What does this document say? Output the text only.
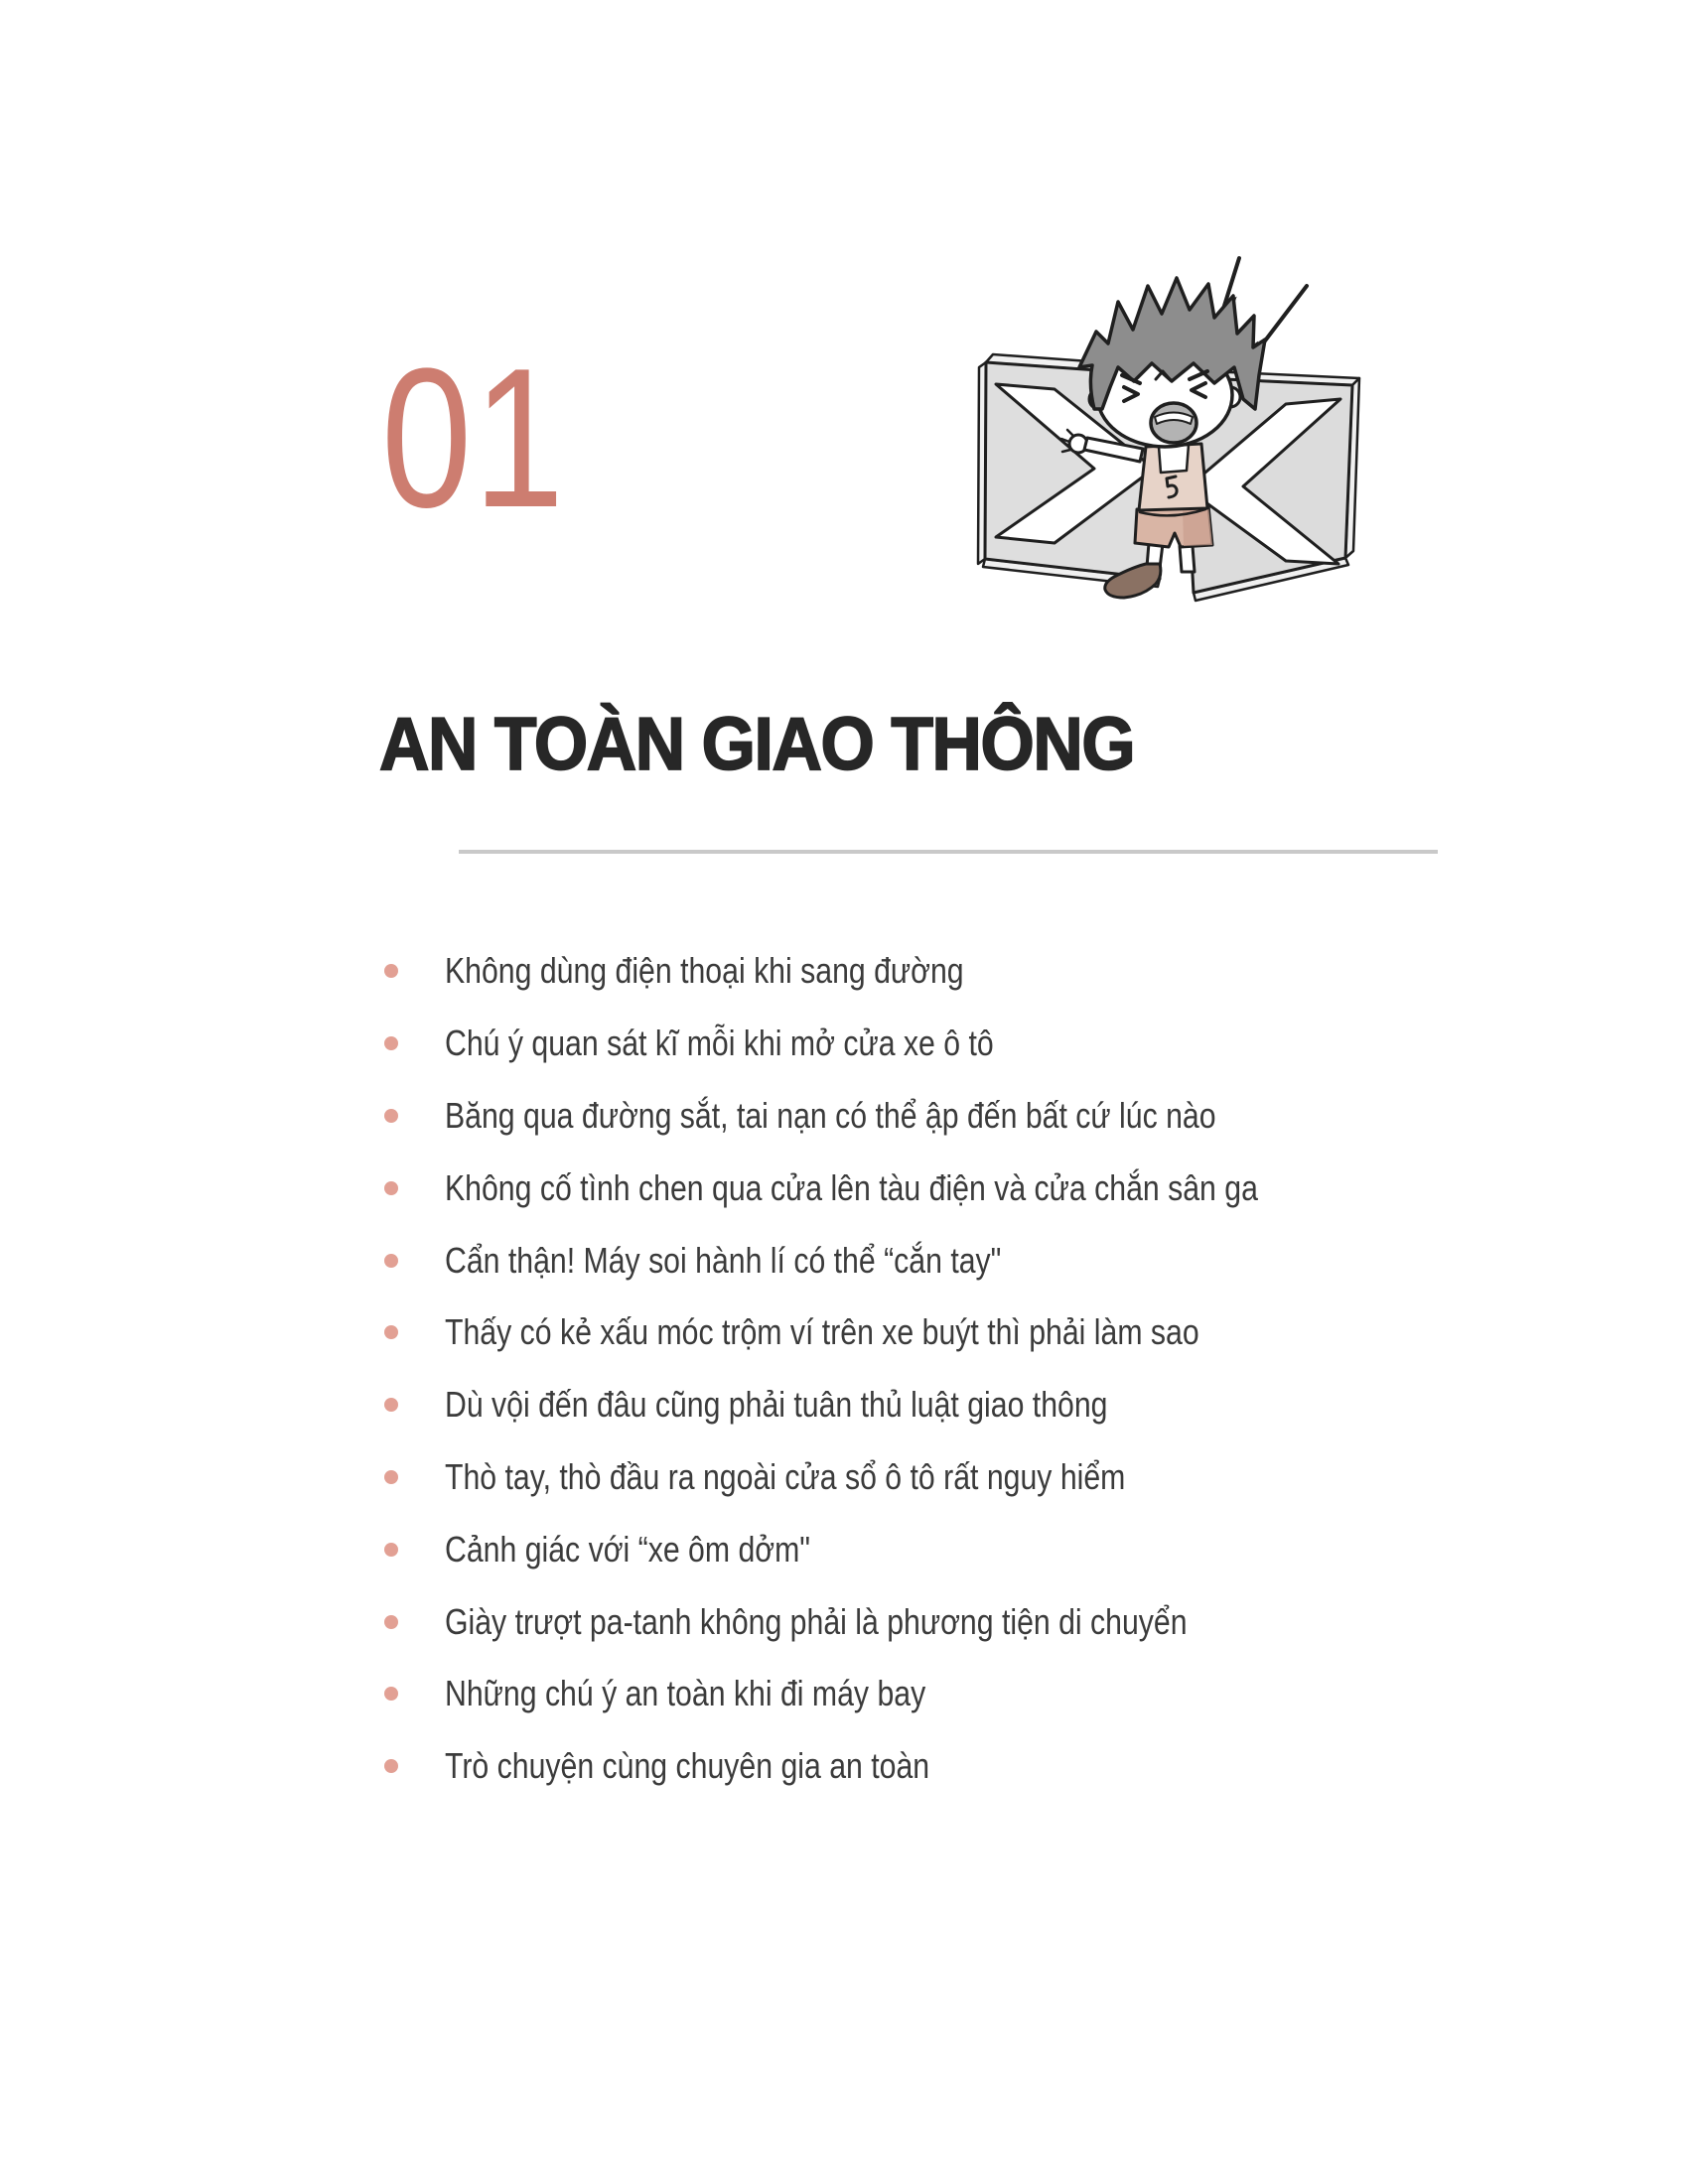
01
AN TOÀN GIAO THÔNG
Không dùng điện thoại khi sang đường
Chú ý quan sát kĩ mỗi khi mở cửa xe ô tô
Băng qua đường sắt, tai nạn có thể ập đến bất cứ lúc nào
Không cố tình chen qua cửa lên tàu điện và cửa chắn sân ga
Cẩn thận! Máy soi hành lí có thể “cắn tay"
Thấy có kẻ xấu móc trộm ví trên xe buýt thì phải làm sao
Dù vội đến đâu cũng phải tuân thủ luật giao thông
Thò tay, thò đầu ra ngoài cửa sổ ô tô rất nguy hiểm
Cảnh giác với “xe ôm dởm"
Giày trượt pa-tanh không phải là phương tiện di chuyển
Những chú ý an toàn khi đi máy bay
Trò chuyện cùng chuyên gia an toàn
